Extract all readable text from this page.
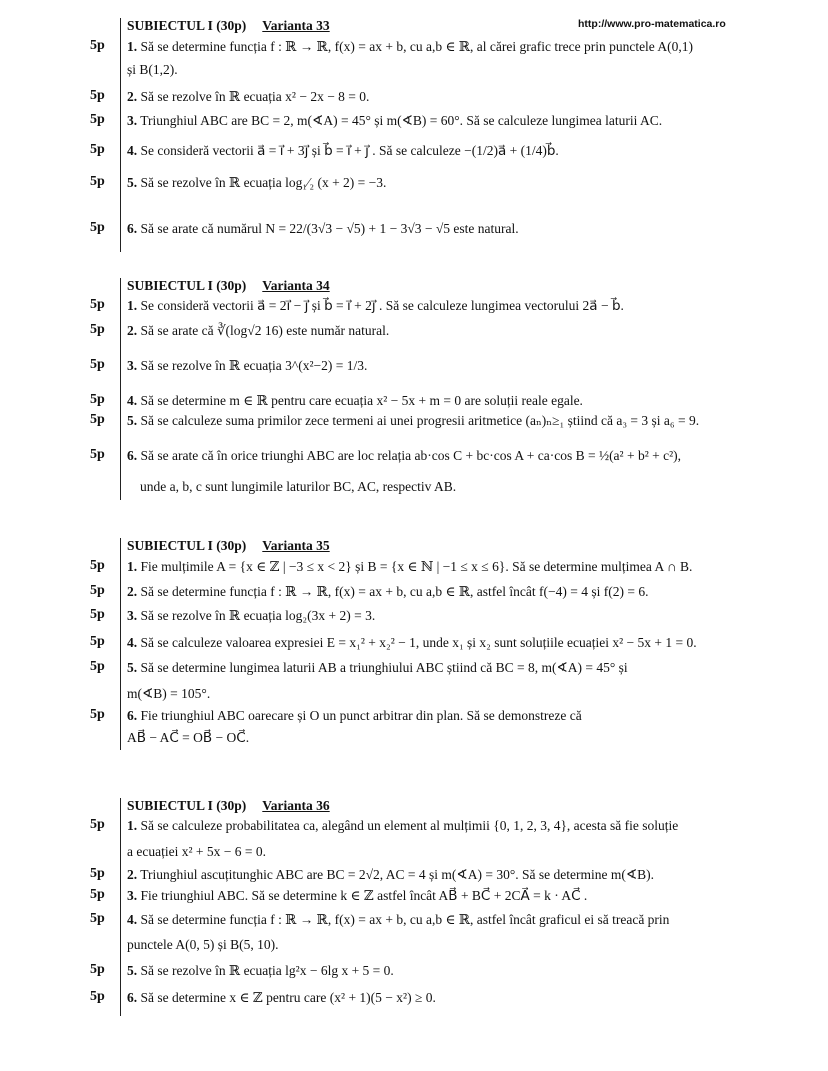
http://www.pro-matematica.ro
SUBIECTUL I (30p) Varianta 33
5p 1. Să se determine funcția f : ℝ → ℝ, f(x) = ax + b, cu a,b ∈ ℝ, al cărei grafic trece prin punctele A(0,1)
și B(1,2).
5p 2. Să se rezolve în ℝ ecuația x² − 2x − 8 = 0.
5p 3. Triunghiul ABC are BC = 2, m(∢A) = 45° și m(∢B) = 60°. Să se calculeze lungimea laturii AC.
5p 4. Se consideră vectorii a⃗ = i⃗ + 3j⃗ și b⃗ = i⃗ + j⃗ . Să se calculeze −(1/2)a⃗ + (1/4)b⃗.
5p 5. Să se rezolve în ℝ ecuația log₁⁄₂ (x + 2) = −3.
5p 6. Să se arate că numărul N = 22/(3√3 − √5) + 1 − 3√3 − √5 este natural.
SUBIECTUL I (30p) Varianta 34
5p 1. Se consideră vectorii a⃗ = 2i⃗ − j⃗ și b⃗ = i⃗ + 2j⃗ . Să se calculeze lungimea vectorului 2a⃗ − b⃗.
5p 2. Să se arate că ∛(log√2 16) este număr natural.
5p 3. Să se rezolve în ℝ ecuația 3^(x²−2) = 1/3.
5p 4. Să se determine m ∈ ℝ pentru care ecuația x² − 5x + m = 0 are soluții reale egale.
5p 5. Să se calculeze suma primilor zece termeni ai unei progresii aritmetice (aₙ)ₙ≥₁ știind că a₃ = 3 și a₆ = 9.
5p 6. Să se arate că în orice triunghi ABC are loc relația ab·cos C + bc·cos A + ca·cos B = ½(a² + b² + c²),
unde a, b, c sunt lungimile laturilor BC, AC, respectiv AB.
SUBIECTUL I (30p) Varianta 35
5p 1. Fie mulțimile A = {x ∈ ℤ | −3 ≤ x < 2} și B = {x ∈ ℕ | −1 ≤ x ≤ 6}. Să se determine mulțimea A ∩ B.
5p 2. Să se determine funcția f : ℝ → ℝ, f(x) = ax + b, cu a,b ∈ ℝ, astfel încât f(−4) = 4 și f(2) = 6.
5p 3. Să se rezolve în ℝ ecuația log₂(3x + 2) = 3.
5p 4. Să se calculeze valoarea expresiei E = x₁² + x₂² − 1, unde x₁ și x₂ sunt soluțiile ecuației x² − 5x + 1 = 0.
5p 5. Să se determine lungimea laturii AB a triunghiului ABC știind că BC = 8, m(∢A) = 45° și
m(∢B) = 105°.
5p 6. Fie triunghiul ABC oarecare și O un punct arbitrar din plan. Să se demonstreze că
AB⃗ − AC⃗ = OB⃗ − OC⃗.
SUBIECTUL I (30p) Varianta 36
5p 1. Să se calculeze probabilitatea ca, alegând un element al mulțimii {0, 1, 2, 3, 4}, acesta să fie soluție
a ecuației x² + 5x − 6 = 0.
5p 2. Triunghiul ascuțitunghic ABC are BC = 2√2, AC = 4 și m(∢A) = 30°. Să se determine m(∢B).
5p 3. Fie triunghiul ABC. Să se determine k ∈ ℤ astfel încât AB⃗ + BC⃗ + 2CA⃗ = k · AC⃗ .
5p 4. Să se determine funcția f : ℝ → ℝ, f(x) = ax + b, cu a,b ∈ ℝ, astfel încât graficul ei să treacă prin
punctele A(0, 5) și B(5, 10).
5p 5. Să se rezolve în ℝ ecuația lg²x − 6lg x + 5 = 0.
5p 6. Să se determine x ∈ ℤ pentru care (x² + 1)(5 − x²) ≥ 0.
